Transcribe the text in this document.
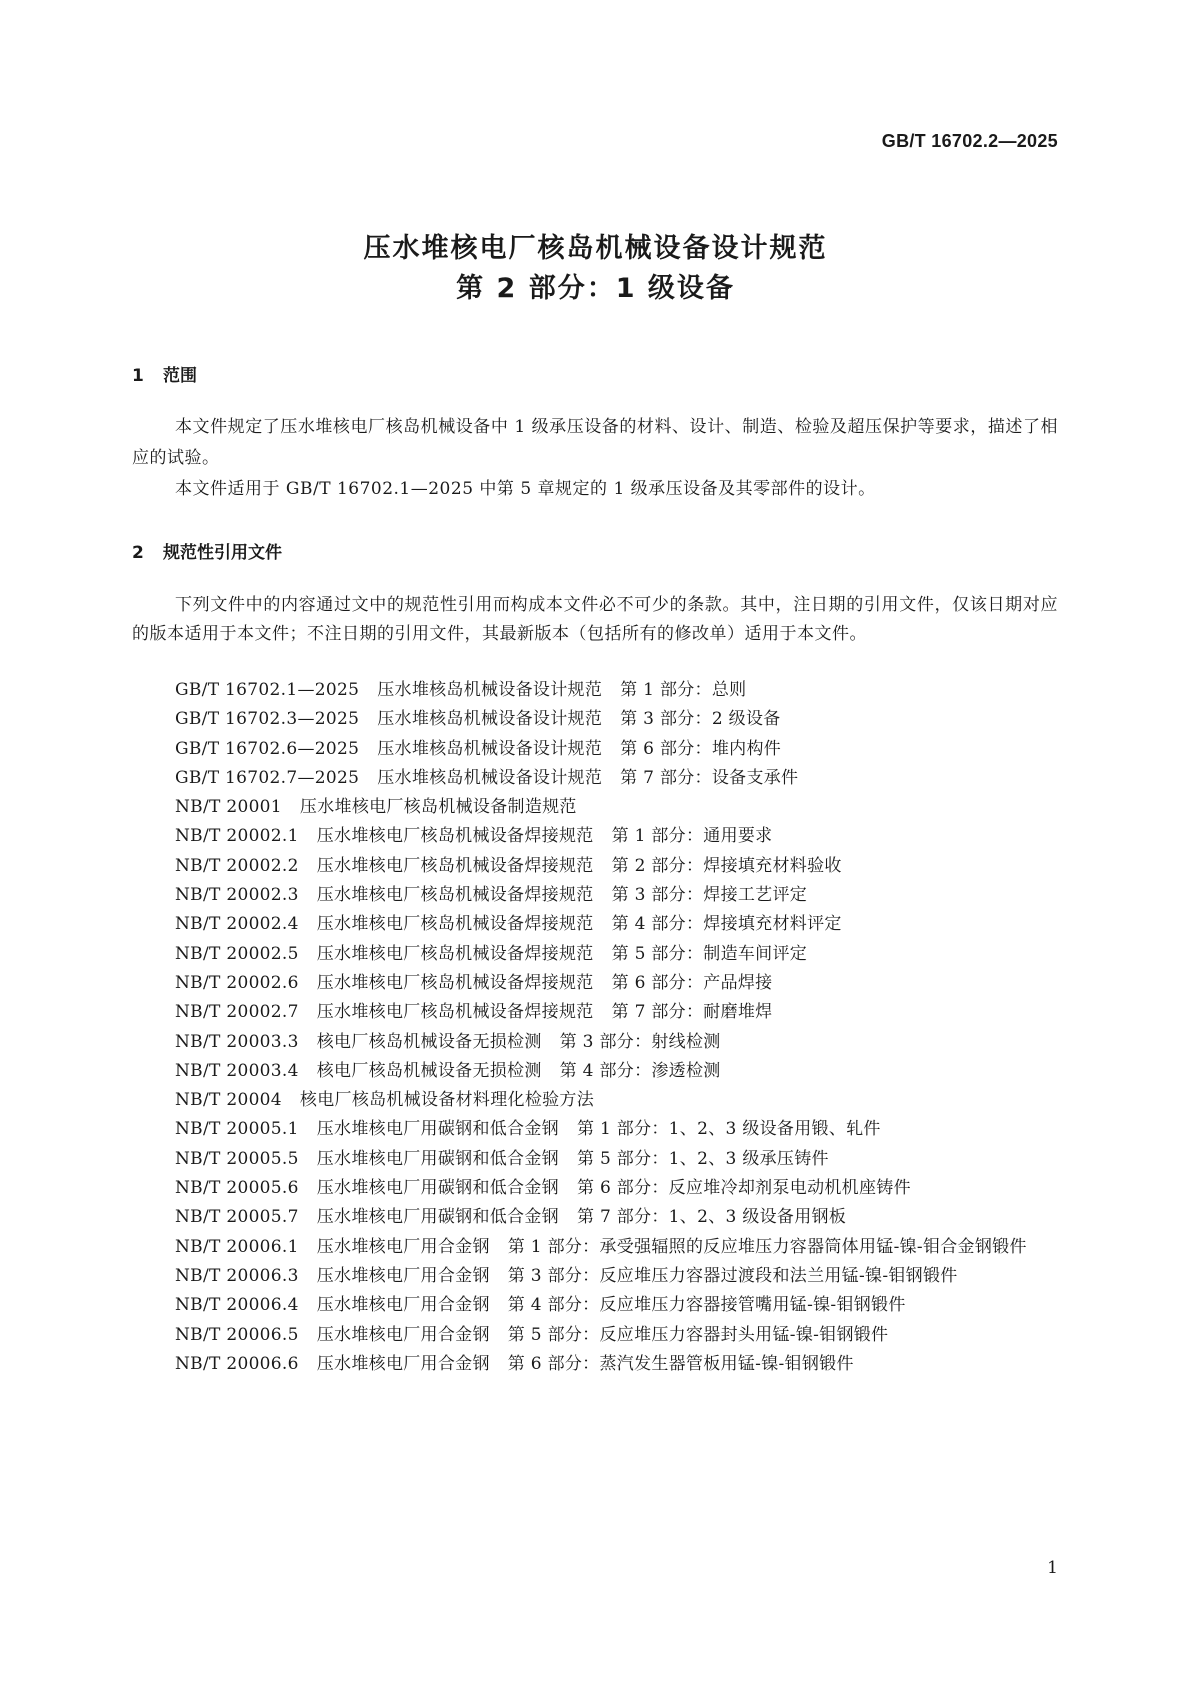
GB/T 16702.2—2025
压水堆核电厂核岛机械设备设计规范
第 2 部分：1 级设备
1 范围
本文件规定了压水堆核电厂核岛机械设备中 1 级承压设备的材料、设计、制造、检验及超压保护等要求，描述了相应的试验。
本文件适用于 GB/T 16702.1—2025 中第 5 章规定的 1 级承压设备及其零部件的设计。
2 规范性引用文件
下列文件中的内容通过文中的规范性引用而构成本文件必不可少的条款。其中，注日期的引用文件，仅该日期对应的版本适用于本文件；不注日期的引用文件，其最新版本（包括所有的修改单）适用于本文件。
GB/T 16702.1—2025 压水堆核岛机械设备设计规范 第 1 部分：总则
GB/T 16702.3—2025 压水堆核岛机械设备设计规范 第 3 部分：2 级设备
GB/T 16702.6—2025 压水堆核岛机械设备设计规范 第 6 部分：堆内构件
GB/T 16702.7—2025 压水堆核岛机械设备设计规范 第 7 部分：设备支承件
NB/T 20001 压水堆核电厂核岛机械设备制造规范
NB/T 20002.1 压水堆核电厂核岛机械设备焊接规范 第 1 部分：通用要求
NB/T 20002.2 压水堆核电厂核岛机械设备焊接规范 第 2 部分：焊接填充材料验收
NB/T 20002.3 压水堆核电厂核岛机械设备焊接规范 第 3 部分：焊接工艺评定
NB/T 20002.4 压水堆核电厂核岛机械设备焊接规范 第 4 部分：焊接填充材料评定
NB/T 20002.5 压水堆核电厂核岛机械设备焊接规范 第 5 部分：制造车间评定
NB/T 20002.6 压水堆核电厂核岛机械设备焊接规范 第 6 部分：产品焊接
NB/T 20002.7 压水堆核电厂核岛机械设备焊接规范 第 7 部分：耐磨堆焊
NB/T 20003.3 核电厂核岛机械设备无损检测 第 3 部分：射线检测
NB/T 20003.4 核电厂核岛机械设备无损检测 第 4 部分：渗透检测
NB/T 20004 核电厂核岛机械设备材料理化检验方法
NB/T 20005.1 压水堆核电厂用碳钢和低合金钢 第 1 部分：1、2、3 级设备用锻、轧件
NB/T 20005.5 压水堆核电厂用碳钢和低合金钢 第 5 部分：1、2、3 级承压铸件
NB/T 20005.6 压水堆核电厂用碳钢和低合金钢 第 6 部分：反应堆冷却剂泵电动机机座铸件
NB/T 20005.7 压水堆核电厂用碳钢和低合金钢 第 7 部分：1、2、3 级设备用钢板
NB/T 20006.1 压水堆核电厂用合金钢 第 1 部分：承受强辐照的反应堆压力容器筒体用锰-镍-钼合金钢锻件
NB/T 20006.3 压水堆核电厂用合金钢 第 3 部分：反应堆压力容器过渡段和法兰用锰-镍-钼钢锻件
NB/T 20006.4 压水堆核电厂用合金钢 第 4 部分：反应堆压力容器接管嘴用锰-镍-钼钢锻件
NB/T 20006.5 压水堆核电厂用合金钢 第 5 部分：反应堆压力容器封头用锰-镍-钼钢锻件
NB/T 20006.6 压水堆核电厂用合金钢 第 6 部分：蒸汽发生器管板用锰-镍-钼钢锻件
1
